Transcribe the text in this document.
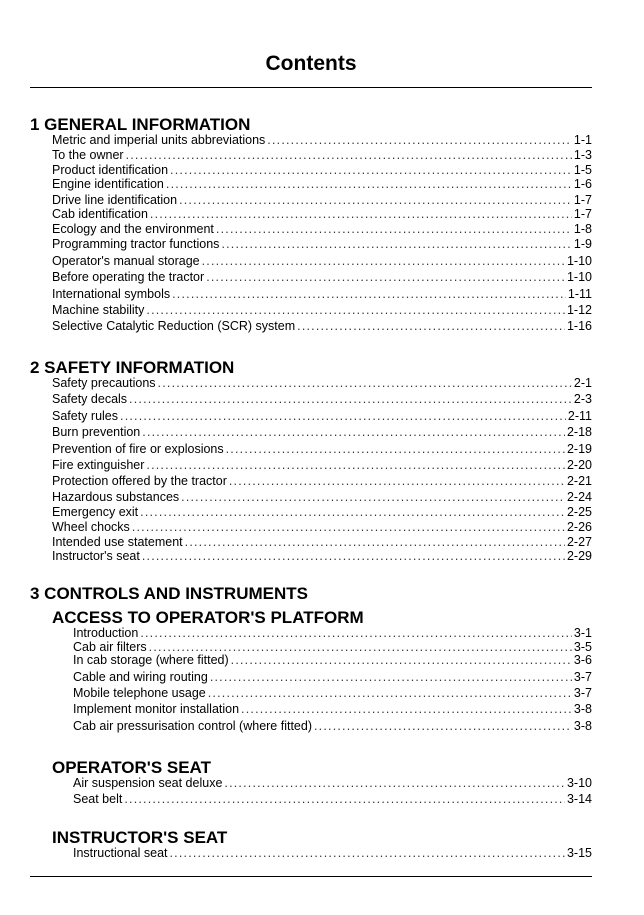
Contents
1 GENERAL INFORMATION
Metric and imperial units abbreviations .....	1-1
To the owner .....	1-3
Product identification .....	1-5
Engine identification .....	1-6
Drive line identification .....	1-7
Cab identification .....	1-7
Ecology and the environment .....	1-8
Programming tractor functions .....	1-9
Operator's manual storage .....	1-10
Before operating the tractor .....	1-10
International symbols .....	1-11
Machine stability .....	1-12
Selective Catalytic Reduction (SCR) system .....	1-16
2 SAFETY INFORMATION
Safety precautions .....	2-1
Safety decals .....	2-3
Safety rules .....	2-11
Burn prevention .....	2-18
Prevention of fire or explosions .....	2-19
Fire extinguisher .....	2-20
Protection offered by the tractor .....	2-21
Hazardous substances .....	2-24
Emergency exit .....	2-25
Wheel chocks .....	2-26
Intended use statement .....	2-27
Instructor's seat .....	2-29
3 CONTROLS AND INSTRUMENTS
ACCESS TO OPERATOR'S PLATFORM
Introduction .....	3-1
Cab air filters .....	3-5
In cab storage (where fitted) .....	3-6
Cable and wiring routing .....	3-7
Mobile telephone usage .....	3-7
Implement monitor installation .....	3-8
Cab air pressurisation control (where fitted) .....	3-8
OPERATOR'S SEAT
Air suspension seat deluxe .....	3-10
Seat belt .....	3-14
INSTRUCTOR'S SEAT
Instructional seat .....	3-15
